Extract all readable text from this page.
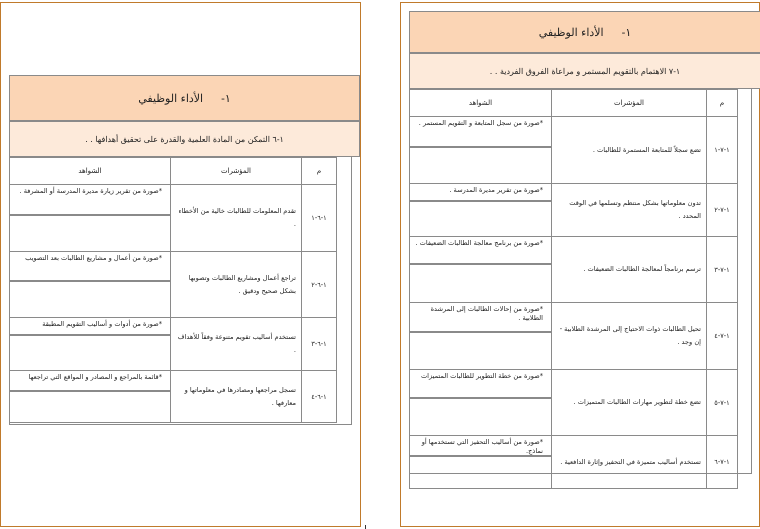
١-
الأداء الوظيفي
١-٦ التمكن من المادة العلمية والقدرة على تحقيق أهدافها . .
الشواهد	المؤشرات	م

*صورة من تقرير زيارة مديرة المدرسة أو المشرفة .	تقدم المعلومات للطالبات خالية من الأخطاء .	١-٦-١

*صورة من أعمال و مشاريع الطالبات بعد التصويب	تراجع أعمال ومشاريع الطالبات وتصوبها بشكل صحيح ودقيق .	١-٦-٢

*صورة من أدوات و أساليب التقويم المطبقة	تستخدم أساليب تقويم متنوعة وفقاً للأهداف .	١-٦-٣

*قائمة بالمراجع و المصادر و المواقع التي تراجعها	تسجل مراجعها ومصادرها في معلوماتها و معارفها .	١-٦-٤
١-
الأداء الوظيفي
١-٧ الاهتمام بالتقويم المستمر و مراعاة الفروق الفردية . .
الشواهد	المؤشرات	م

*صورة من سجل المتابعة و التقويم المستمر .	تضع سجلاً للمتابعة المستمرة للطالبات .	١-٧-١

*صورة من تقرير مديرة المدرسة .	تدون معلوماتها بشكل منتظم وتسلمها في الوقت المحدد .	١-٧-٢

*صورة من برنامج معالجة الطالبات الضعيفات .	ترسم برنامجاً لمعالجة الطالبات الضعيفات .	١-٧-٣

*صورة من إحالات الطالبات إلى المرشدة الطلابية .	تحيل الطالبات ذوات الاحتياج إلى المرشدة الطلابية - إن وجد .	١-٧-٤

*صورة من خطة التطوير للطالبات المتميزات	تضع خطة لتطوير مهارات الطالبات المتميزات .	١-٧-٥

*صورة من أساليب التحفيز التي تستخدمها أو نماذج.	تستخدم أساليب متميزة في التحفيز وإثارة الدافعية .	١-٧-٦
